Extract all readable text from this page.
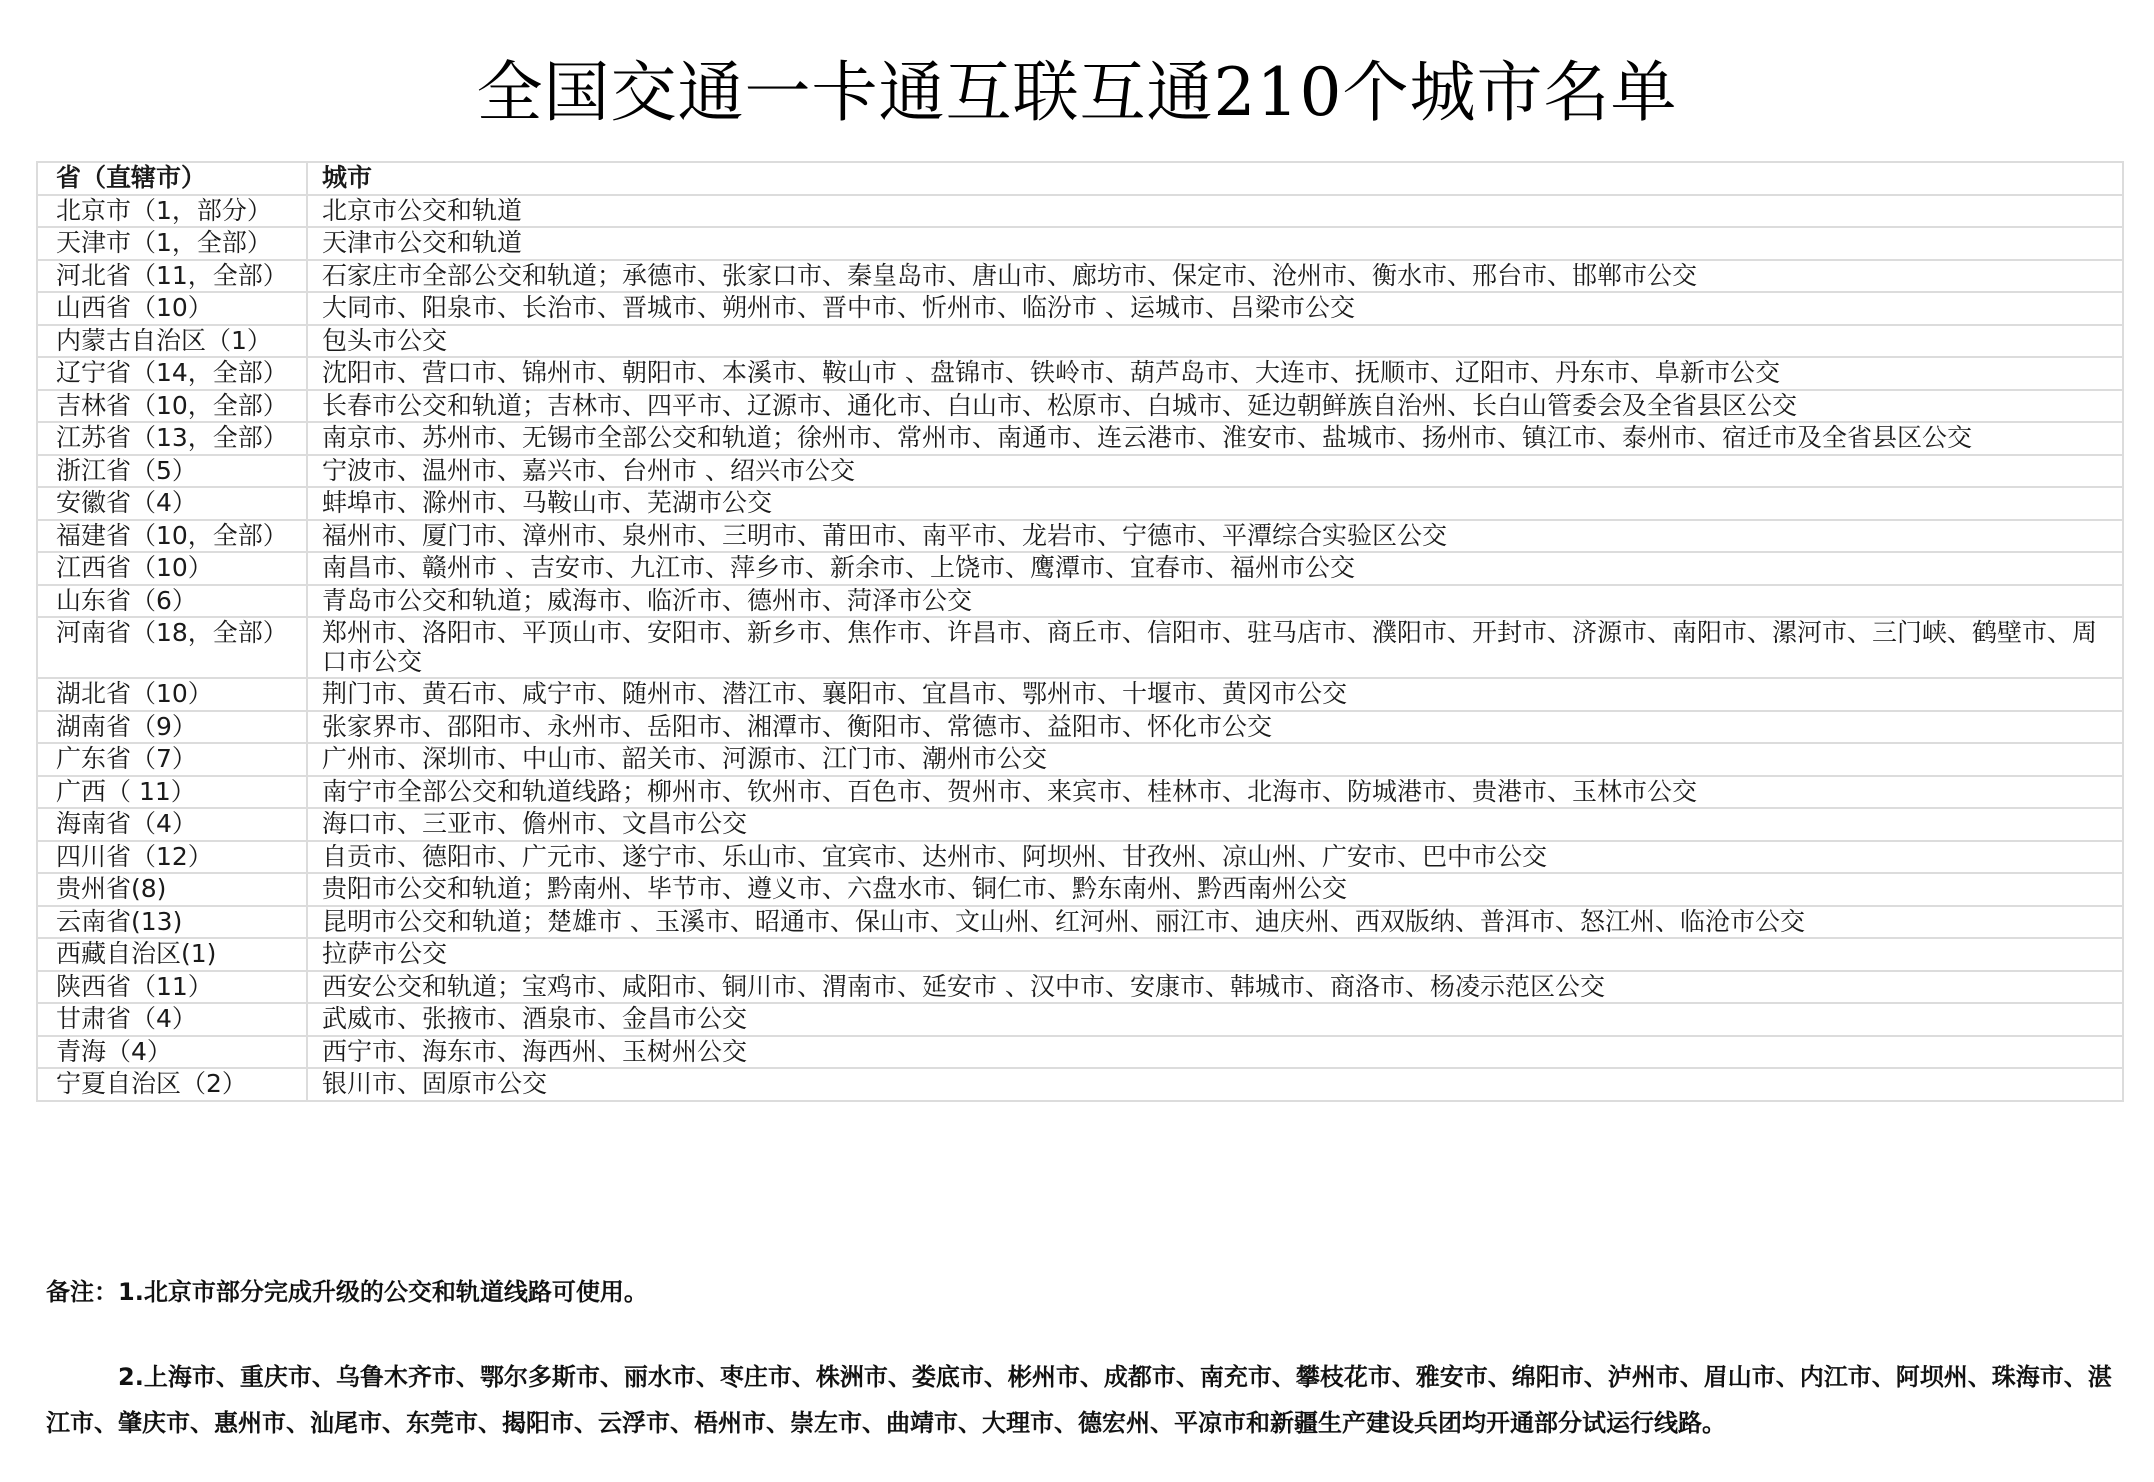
全国交通一卡通互联互通210个城市名单
省（直辖市）	城市
北京市（1，部分）	北京市公交和轨道
天津市（1，全部）	天津市公交和轨道
河北省（11，全部）	石家庄市全部公交和轨道；承德市、张家口市、秦皇岛市、唐山市、廊坊市、保定市、沧州市、衡水市、邢台市、邯郸市公交
山西省（10）	大同市、阳泉市、长治市、晋城市、朔州市、晋中市、忻州市、临汾市 、运城市、吕梁市公交
内蒙古自治区（1）	包头市公交
辽宁省（14，全部）	沈阳市、营口市、锦州市、朝阳市、本溪市、鞍山市 、盘锦市、铁岭市、葫芦岛市、大连市、抚顺市、辽阳市、丹东市、阜新市公交
吉林省（10，全部）	长春市公交和轨道；吉林市、四平市、辽源市、通化市、白山市、松原市、白城市、延边朝鲜族自治州、长白山管委会及全省县区公交
江苏省（13，全部）	南京市、苏州市、无锡市全部公交和轨道；徐州市、常州市、南通市、连云港市、淮安市、盐城市、扬州市、镇江市、泰州市、宿迁市及全省县区公交
浙江省（5）	宁波市、温州市、嘉兴市、台州市 、绍兴市公交
安徽省（4）	蚌埠市、滁州市、马鞍山市、芜湖市公交
福建省（10，全部）	福州市、厦门市、漳州市、泉州市、三明市、莆田市、南平市、龙岩市、宁德市、平潭综合实验区公交
江西省（10）	南昌市、赣州市 、吉安市、九江市、萍乡市、新余市、上饶市、鹰潭市、宜春市、福州市公交
山东省（6）	青岛市公交和轨道；威海市、临沂市、德州市、菏泽市公交
河南省（18，全部）	郑州市、洛阳市、平顶山市、安阳市、新乡市、焦作市、许昌市、商丘市、信阳市、驻马店市、濮阳市、开封市、济源市、南阳市、漯河市、三门峡、鹤壁市、周口市公交
湖北省（10）	荆门市、黄石市、咸宁市、随州市、潜江市、襄阳市、宜昌市、鄂州市、十堰市、黄冈市公交
湖南省（9）	张家界市、邵阳市、永州市、岳阳市、湘潭市、衡阳市、常德市、益阳市、怀化市公交
广东省（7）	广州市、深圳市、中山市、韶关市、河源市、江门市、潮州市公交
广西（ 11）	南宁市全部公交和轨道线路；柳州市、钦州市、百色市、贺州市、来宾市、桂林市、北海市、防城港市、贵港市、玉林市公交
海南省（4）	海口市、三亚市、儋州市、文昌市公交
四川省（12）	自贡市、德阳市、广元市、遂宁市、乐山市、宜宾市、达州市、阿坝州、甘孜州、凉山州、广安市、巴中市公交
贵州省(8)	贵阳市公交和轨道；黔南州、毕节市、遵义市、六盘水市、铜仁市、黔东南州、黔西南州公交
云南省(13)	昆明市公交和轨道；楚雄市 、玉溪市、昭通市、保山市、文山州、红河州、丽江市、迪庆州、西双版纳、普洱市、怒江州、临沧市公交
西藏自治区(1)	拉萨市公交
陕西省（11）	西安公交和轨道；宝鸡市、咸阳市、铜川市、渭南市、延安市 、汉中市、安康市、韩城市、商洛市、杨凌示范区公交
甘肃省（4）	武威市、张掖市、酒泉市、金昌市公交
青海（4）	西宁市、海东市、海西州、玉树州公交
宁夏自治区（2）	银川市、固原市公交

备注：1.北京市部分完成升级的公交和轨道线路可使用。

2.上海市、重庆市、乌鲁木齐市、鄂尔多斯市、丽水市、枣庄市、株洲市、娄底市、彬州市、成都市、南充市、攀枝花市、雅安市、绵阳市、泸州市、眉山市、内江市、阿坝州、珠海市、湛江市、肇庆市、惠州市、汕尾市、东莞市、揭阳市、云浮市、梧州市、崇左市、曲靖市、大理市、德宏州、平凉市和新疆生产建设兵团均开通部分试运行线路。
